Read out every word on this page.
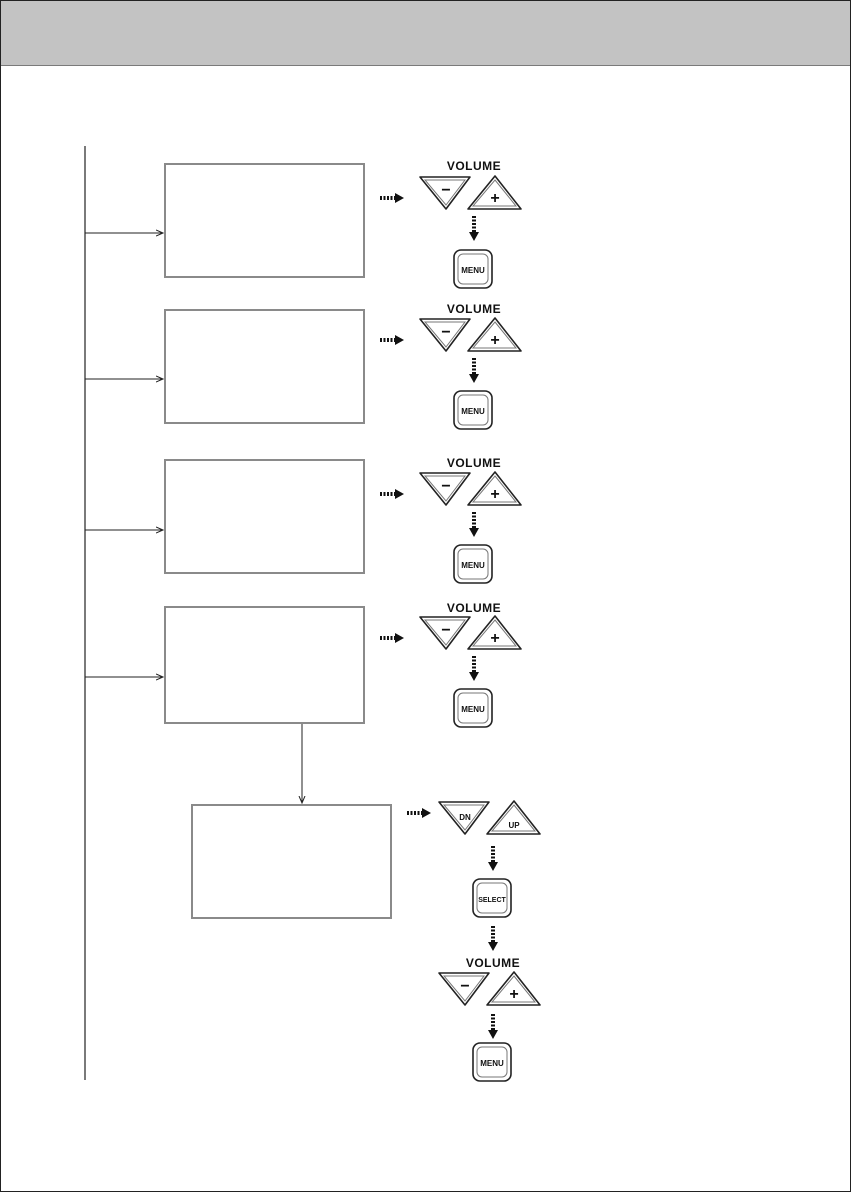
− +
− +
− +
− +
DN
UP
− +
MENU
MENU
MENU
MENU
SELECT
MENU
VOLUME
VOLUME
VOLUME
VOLUME
VOLUME
